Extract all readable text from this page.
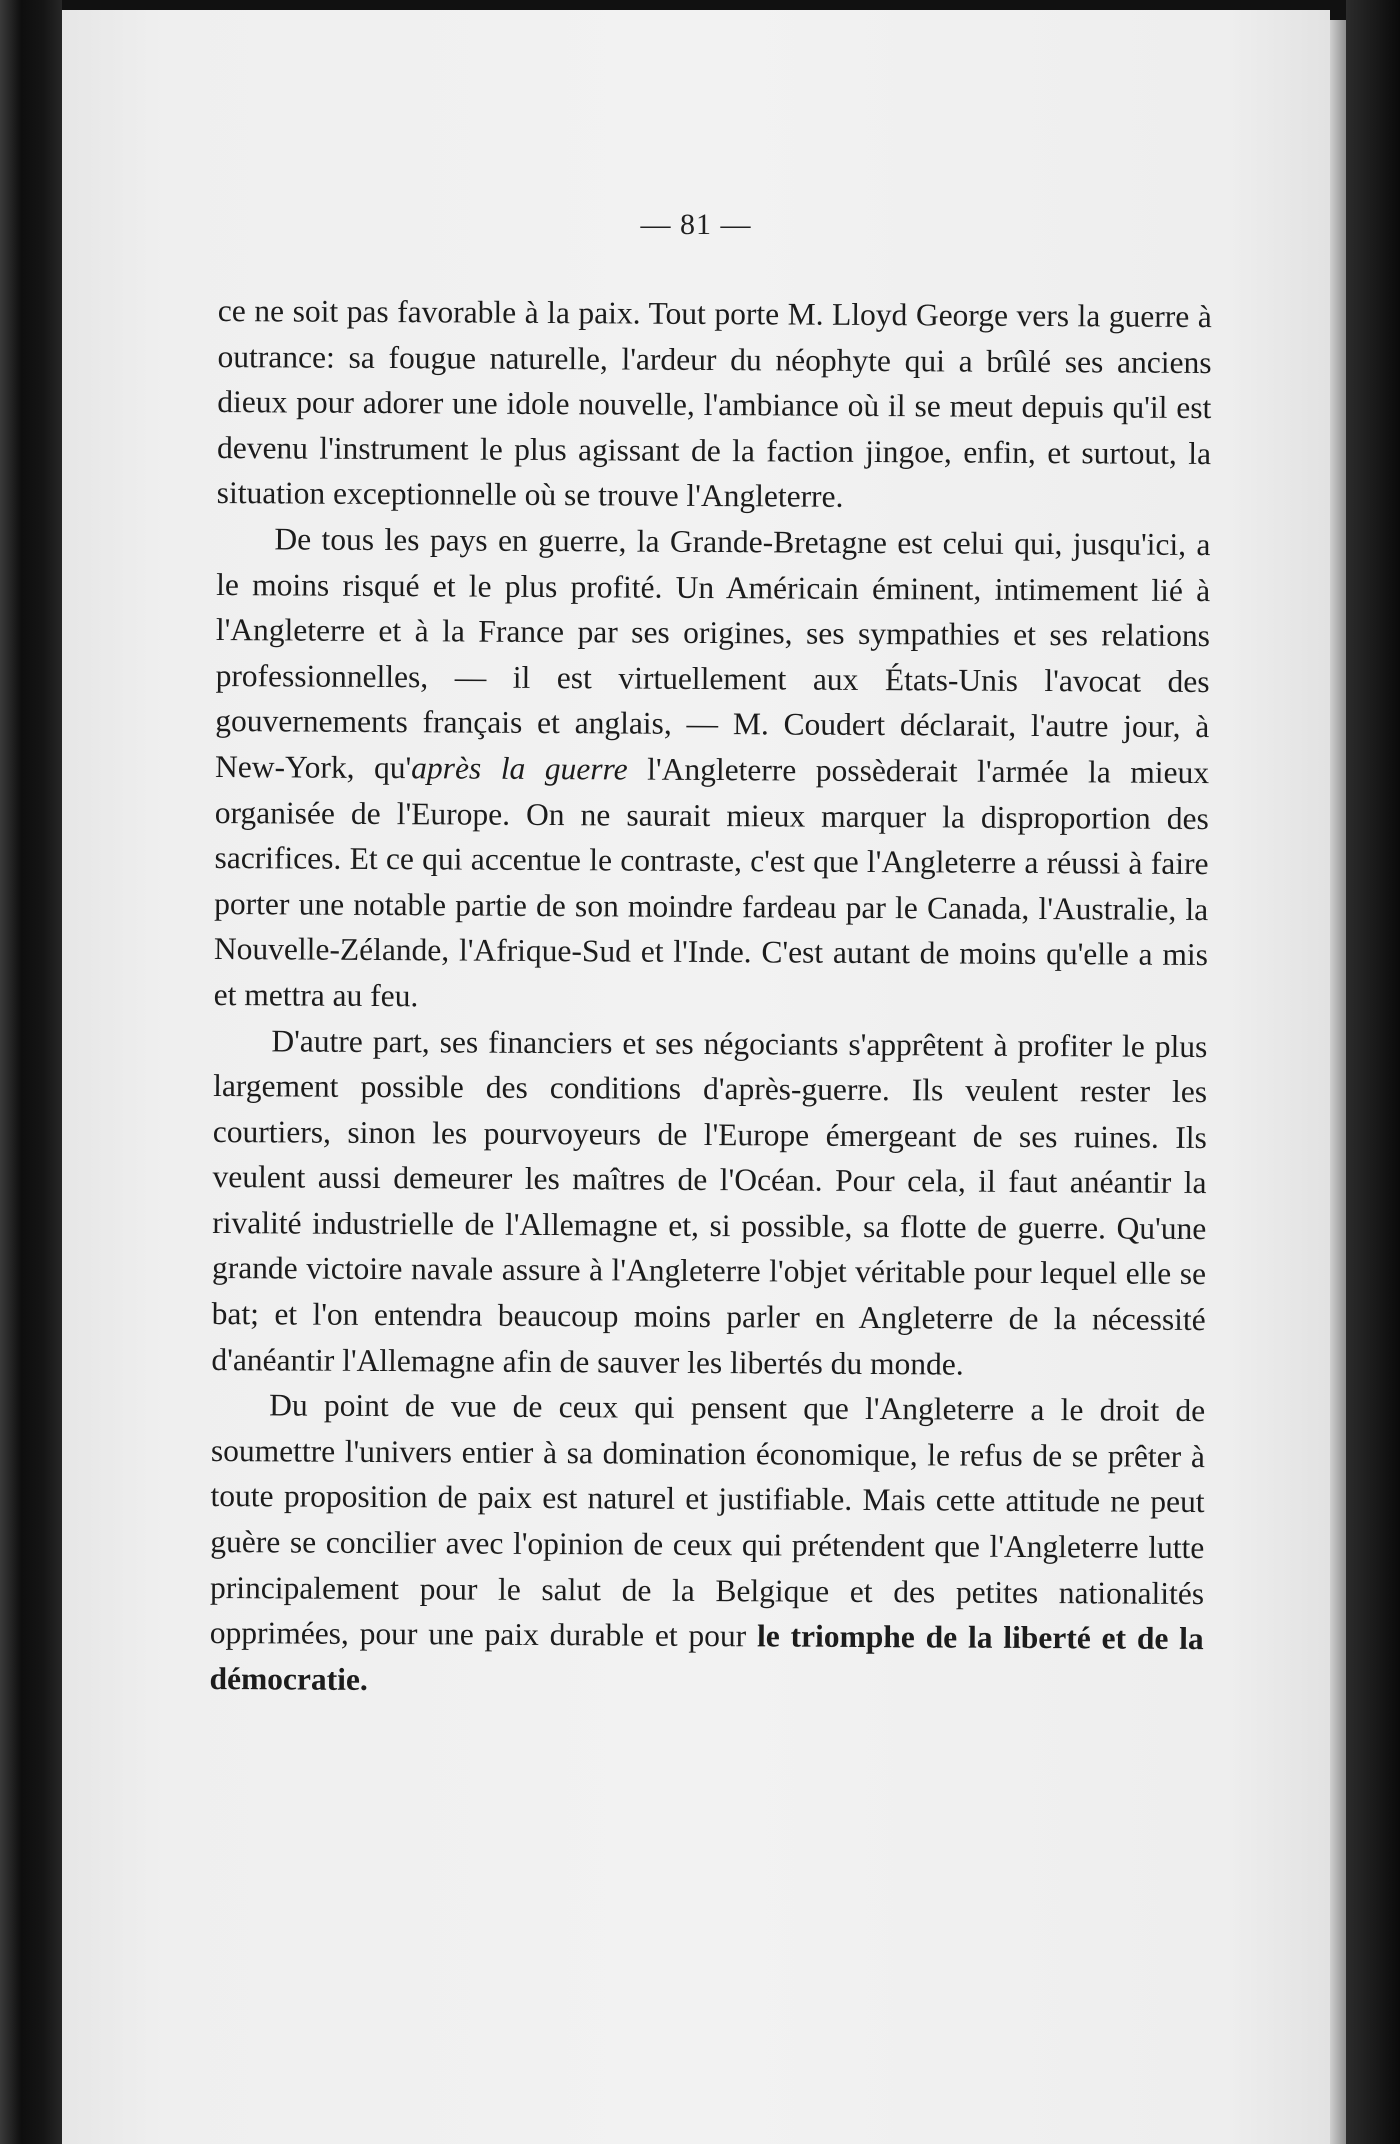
— 81 —

ce ne soit pas favorable à la paix. Tout porte M. Lloyd George vers la guerre à outrance: sa fougue naturelle, l'ardeur du néophyte qui a brûlé ses anciens dieux pour adorer une idole nouvelle, l'ambiance où il se meut depuis qu'il est devenu l'instrument le plus agissant de la faction jingoe, enfin, et surtout, la situation exceptionnelle où se trouve l'Angleterre.

De tous les pays en guerre, la Grande-Bretagne est celui qui, jusqu'ici, a le moins risqué et le plus profité. Un Américain éminent, intimement lié à l'Angleterre et à la France par ses origines, ses sympathies et ses relations professionnelles, — il est virtuellement aux États-Unis l'avocat des gouvernements français et anglais, — M. Coudert déclarait, l'autre jour, à New-York, qu'après la guerre l'Angleterre possèderait l'armée la mieux organisée de l'Europe. On ne saurait mieux marquer la disproportion des sacrifices. Et ce qui accentue le contraste, c'est que l'Angleterre a réussi à faire porter une notable partie de son moindre fardeau par le Canada, l'Australie, la Nouvelle-Zélande, l'Afrique-Sud et l'Inde. C'est autant de moins qu'elle a mis et mettra au feu.

D'autre part, ses financiers et ses négociants s'apprêtent à profiter le plus largement possible des conditions d'après-guerre. Ils veulent rester les courtiers, sinon les pourvoyeurs de l'Europe émergeant de ses ruines. Ils veulent aussi demeurer les maîtres de l'Océan. Pour cela, il faut anéantir la rivalité industrielle de l'Allemagne et, si possible, sa flotte de guerre. Qu'une grande victoire navale assure à l'Angleterre l'objet véritable pour lequel elle se bat; et l'on entendra beaucoup moins parler en Angleterre de la nécessité d'anéantir l'Allemagne afin de sauver les libertés du monde.

Du point de vue de ceux qui pensent que l'Angleterre a le droit de soumettre l'univers entier à sa domination économique, le refus de se prêter à toute proposition de paix est naturel et justifiable. Mais cette attitude ne peut guère se concilier avec l'opinion de ceux qui prétendent que l'Angleterre lutte principalement pour le salut de la Belgique et des petites nationalités opprimées, pour une paix durable et pour le triomphe de la liberté et de la démocratie.
